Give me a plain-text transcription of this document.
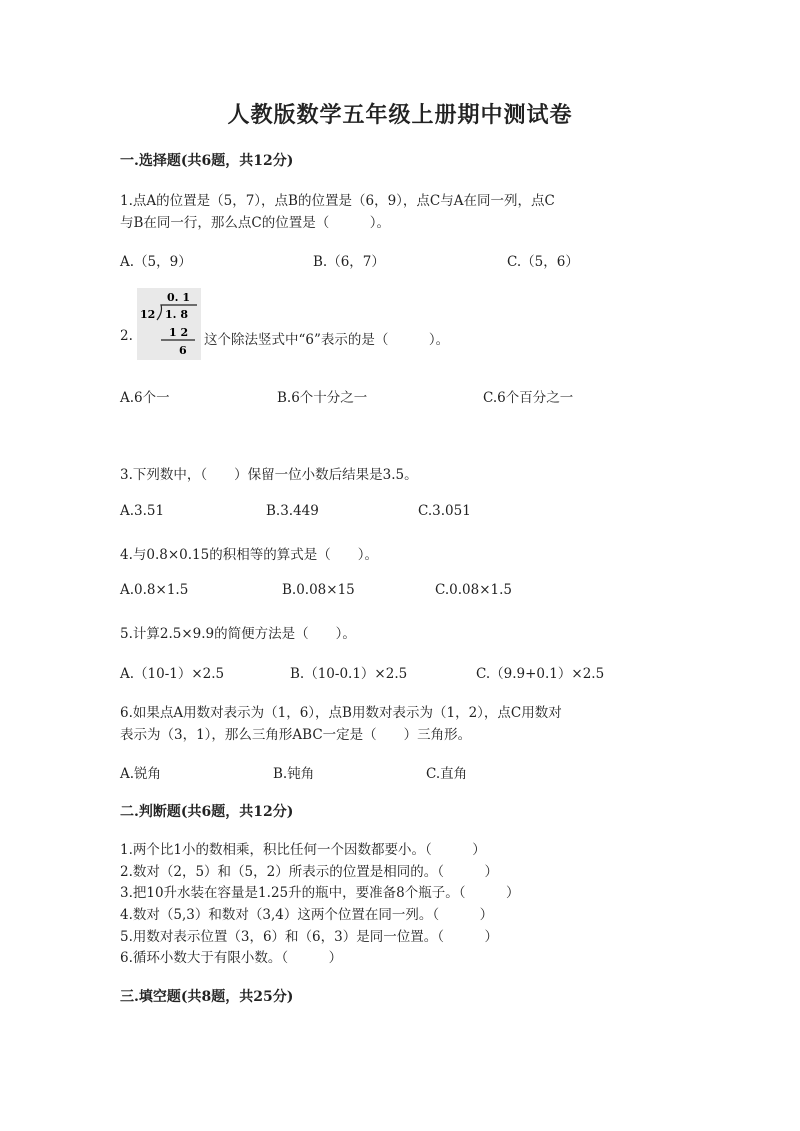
人教版数学五年级上册期中测试卷
一.选择题(共6题，共12分)
1.点A的位置是（5，7），点B的位置是（6，9），点C与A在同一列，点C
与B在同一行，那么点C的位置是（　　　）。
A.（5，9）	B.（6，7）	C.（5，6）
2.
0. 1
12 1. 8
1 2
6
这个除法竖式中“6”表示的是（　　　）。
A.6个一	B.6个十分之一	C.6个百分之一
3.下列数中，（　　）保留一位小数后结果是3.5。
A.3.51	B.3.449	C.3.051
4.与0.8×0.15的积相等的算式是（　　）。
A.0.8×1.5	B.0.08×15	C.0.08×1.5
5.计算2.5×9.9的简便方法是（　　）。
A.（10-1）×2.5	B.（10-0.1）×2.5	C.（9.9+0.1）×2.5
6.如果点A用数对表示为（1，6），点B用数对表示为（1，2），点C用数对
表示为（3，1），那么三角形ABC一定是（　　）三角形。
A.锐角	B.钝角	C.直角
二.判断题(共6题，共12分)
1.两个比1小的数相乘，积比任何一个因数都要小。（　　　）
2.数对（2，5）和（5，2）所表示的位置是相同的。（　　　）
3.把10升水装在容量是1.25升的瓶中，要准备8个瓶子。（　　　）
4.数对（5,3）和数对（3,4）这两个位置在同一列。（　　　）
5.用数对表示位置（3，6）和（6，3）是同一位置。（　　　）
6.循环小数大于有限小数。（　　　）
三.填空题(共8题，共25分)
